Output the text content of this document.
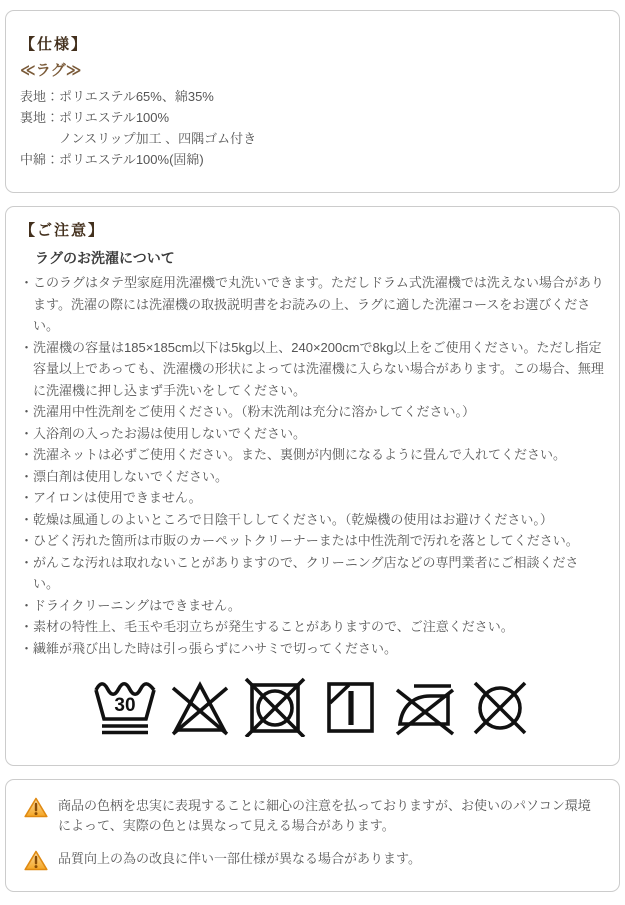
【仕様】
≪ラグ≫
表地：ポリエステル65%、綿35%
裏地：ポリエステル100%
　　　ノンスリップ加工 、四隅ゴム付き
中綿：ポリエステル100%(固綿)
【ご注意】
ラグのお洗濯について
・このラグはタテ型家庭用洗濯機で丸洗いできます。ただしドラム式洗濯機では洗えない場合があります。洗濯の際には洗濯機の取扱説明書をお読みの上、ラグに適した洗濯コースをお選びください。
・洗濯機の容量は185×185cm以下は5kg以上、240×200cmで8kg以上をご使用ください。ただし指定容量以上であっても、洗濯機の形状によっては洗濯機に入らない場合があります。この場合、無理に洗濯機に押し込まず手洗いをしてください。
・洗濯用中性洗剤をご使用ください。（粉末洗剤は充分に溶かしてください。）
・入浴剤の入ったお湯は使用しないでください。
・洗濯ネットは必ずご使用ください。また、裏側が内側になるように畳んで入れてください。
・漂白剤は使用しないでください。
・アイロンは使用できません。
・乾燥は風通しのよいところで日陰干ししてください。（乾燥機の使用はお避けください。）
・ひどく汚れた箇所は市販のカーペットクリーナーまたは中性洗剤で汚れを落としてください。
・がんこな汚れは取れないことがありますので、クリーニング店などの専門業者にご相談ください。
・ドライクリーニングはできません。
・素材の特性上、毛玉や毛羽立ちが発生することがありますので、ご注意ください。
・繊維が飛び出した時は引っ張らずにハサミで切ってください。
30

商品の色柄を忠実に表現することに細心の注意を払っておりますが、お使いのパソコン環境によって、実際の色とは異なって見える場合があります。

品質向上の為の改良に伴い一部仕様が異なる場合があります。
